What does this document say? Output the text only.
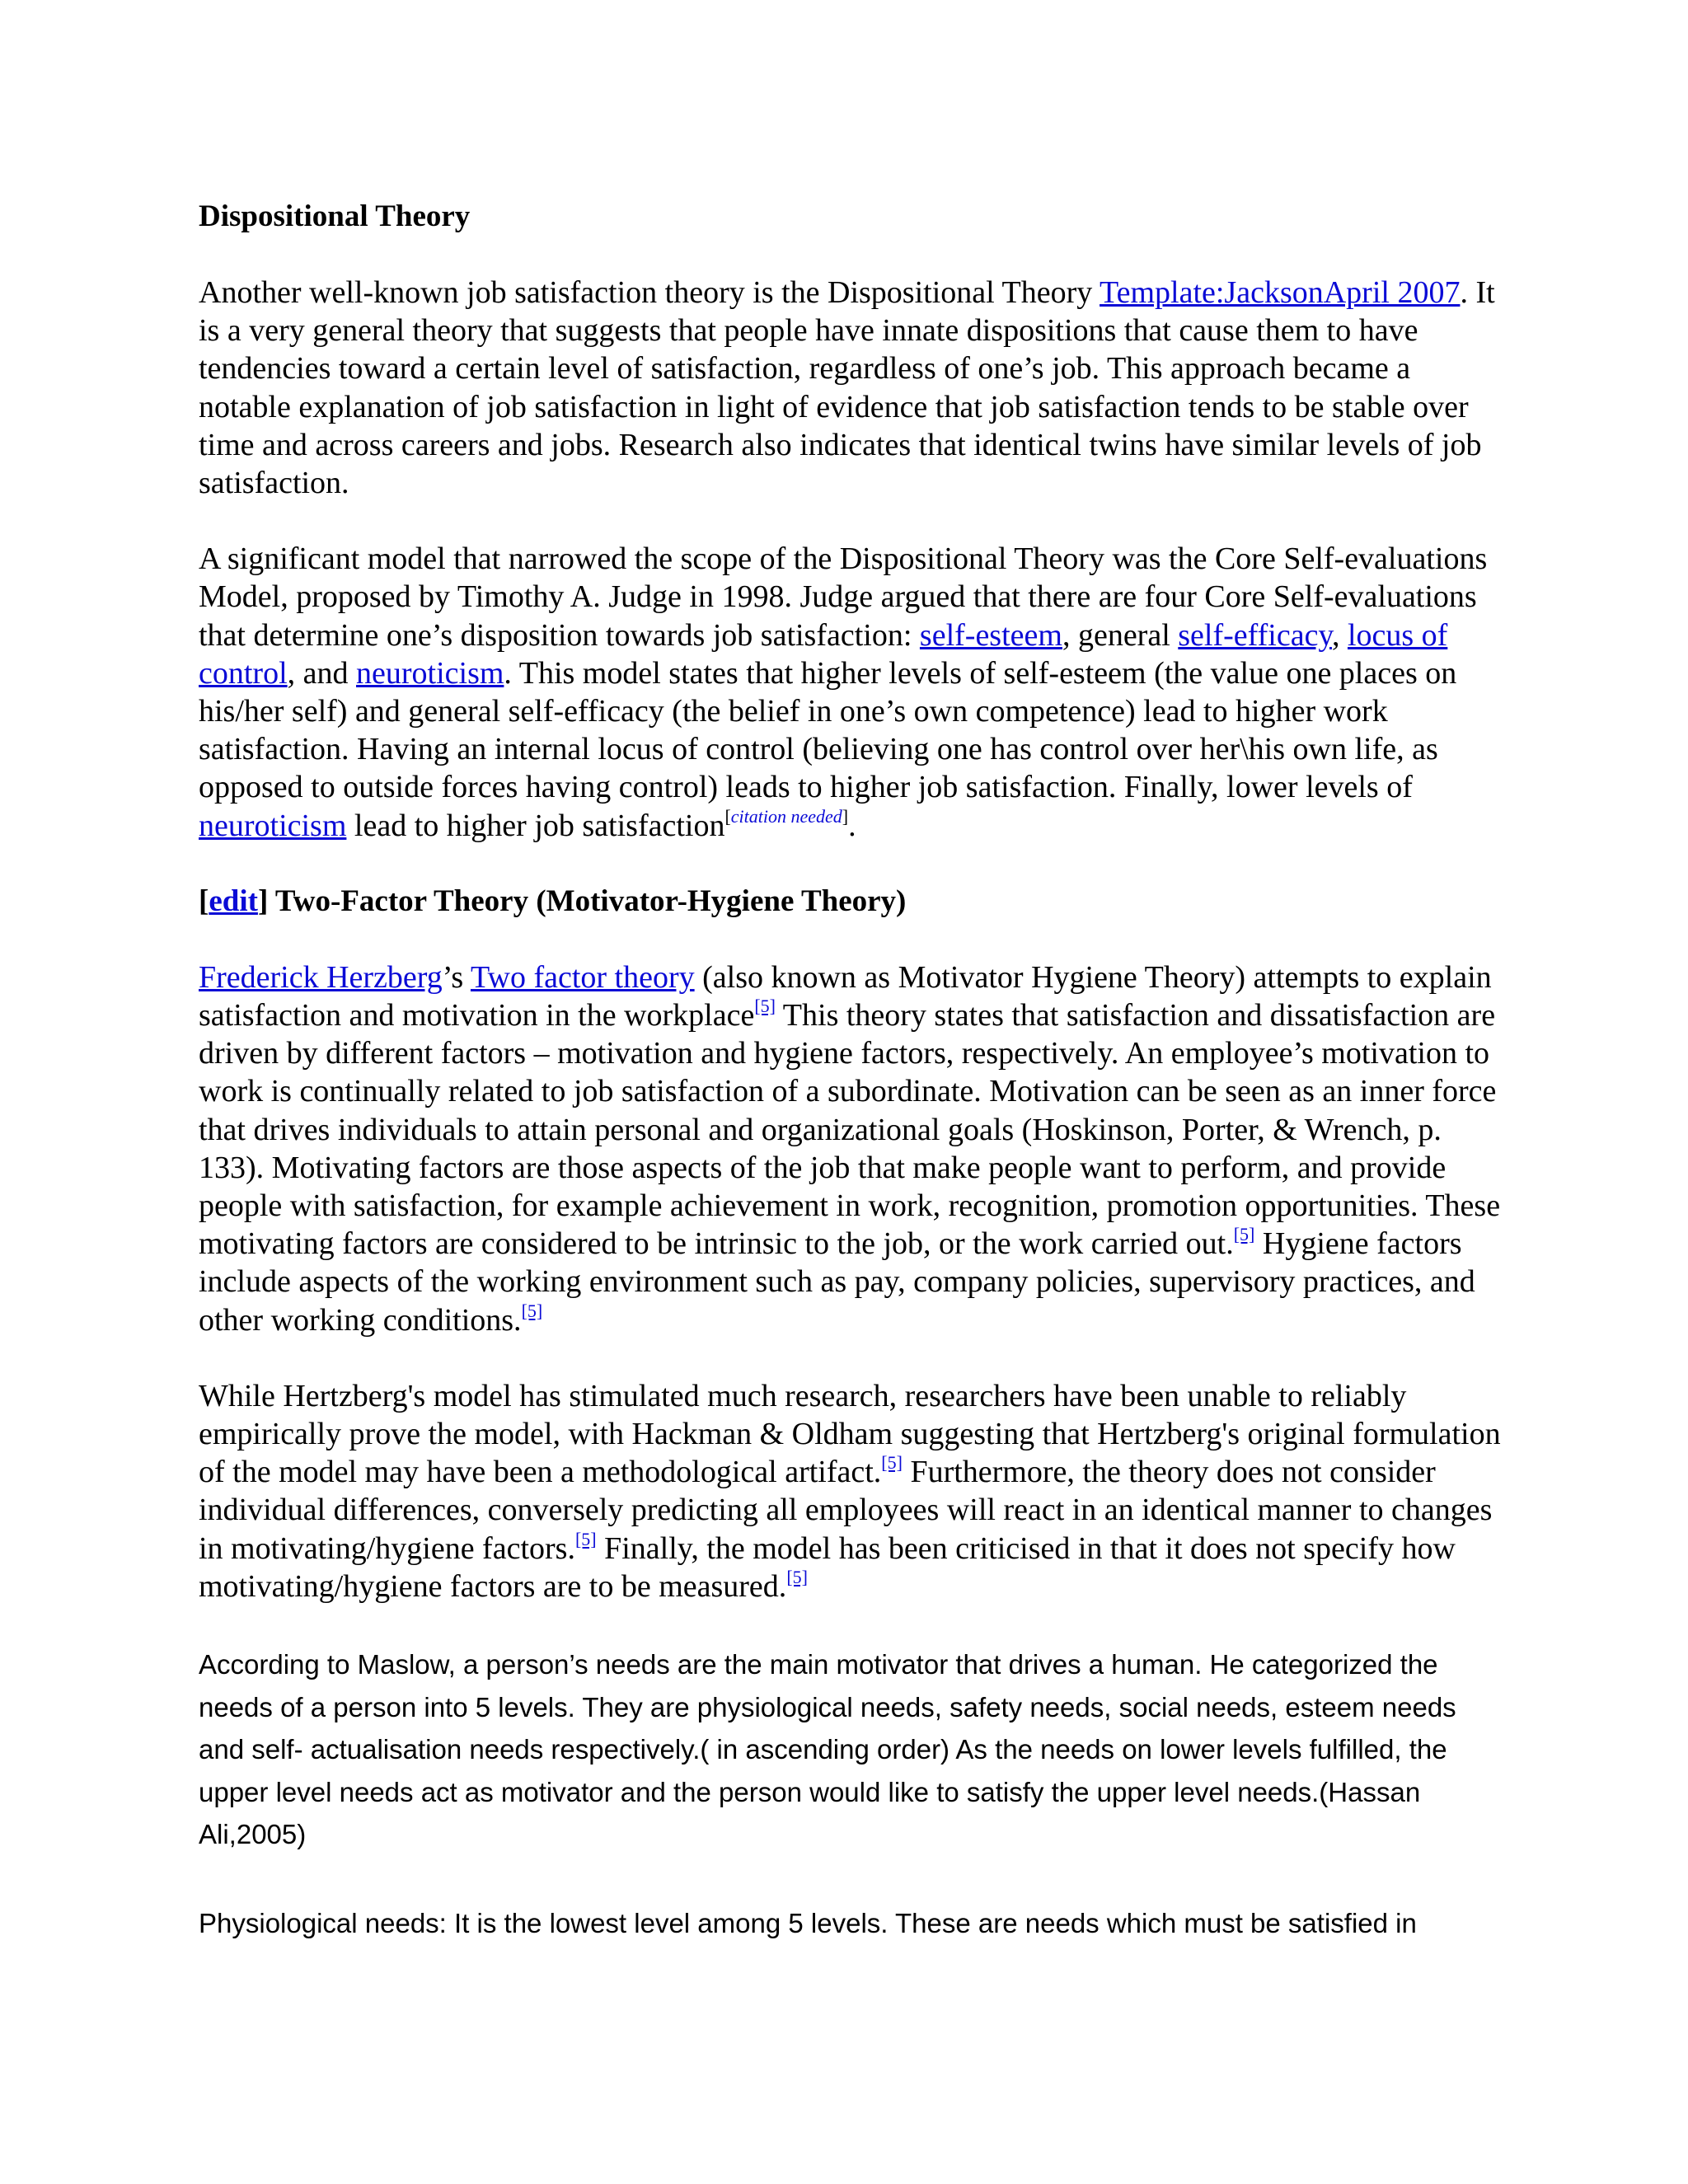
Dispositional Theory

Another well-known job satisfaction theory is the Dispositional Theory Template:JacksonApril 2007. It is a very general theory that suggests that people have innate dispositions that cause them to have tendencies toward a certain level of satisfaction, regardless of one’s job. This approach became a notable explanation of job satisfaction in light of evidence that job satisfaction tends to be stable over time and across careers and jobs. Research also indicates that identical twins have similar levels of job satisfaction.

A significant model that narrowed the scope of the Dispositional Theory was the Core Self-evaluations Model, proposed by Timothy A. Judge in 1998. Judge argued that there are four Core Self-evaluations that determine one’s disposition towards job satisfaction: self-esteem, general self-efficacy, locus of control, and neuroticism. This model states that higher levels of self-esteem (the value one places on his/her self) and general self-efficacy (the belief in one’s own competence) lead to higher work satisfaction. Having an internal locus of control (believing one has control over her\his own life, as opposed to outside forces having control) leads to higher job satisfaction. Finally, lower levels of neuroticism lead to higher job satisfaction[citation needed].

[edit] Two-Factor Theory (Motivator-Hygiene Theory)

Frederick Herzberg’s Two factor theory (also known as Motivator Hygiene Theory) attempts to explain satisfaction and motivation in the workplace[5] This theory states that satisfaction and dissatisfaction are driven by different factors – motivation and hygiene factors, respectively. An employee’s motivation to work is continually related to job satisfaction of a subordinate. Motivation can be seen as an inner force that drives individuals to attain personal and organizational goals (Hoskinson, Porter, & Wrench, p. 133). Motivating factors are those aspects of the job that make people want to perform, and provide people with satisfaction, for example achievement in work, recognition, promotion opportunities. These motivating factors are considered to be intrinsic to the job, or the work carried out.[5] Hygiene factors include aspects of the working environment such as pay, company policies, supervisory practices, and other working conditions.[5]

While Hertzberg's model has stimulated much research, researchers have been unable to reliably empirically prove the model, with Hackman & Oldham suggesting that Hertzberg's original formulation of the model may have been a methodological artifact.[5] Furthermore, the theory does not consider individual differences, conversely predicting all employees will react in an identical manner to changes in motivating/hygiene factors.[5] Finally, the model has been criticised in that it does not specify how motivating/hygiene factors are to be measured.[5]

According to Maslow, a person’s needs are the main motivator that drives a human. He categorized the needs of a person into 5 levels. They are physiological needs, safety needs, social needs, esteem needs and self- actualisation needs respectively.( in ascending order) As the needs on lower levels fulfilled, the upper level needs act as motivator and the person would like to satisfy the upper level needs.(Hassan Ali,2005)

Physiological needs: It is the lowest level among 5 levels. These are needs which must be satisfied in
